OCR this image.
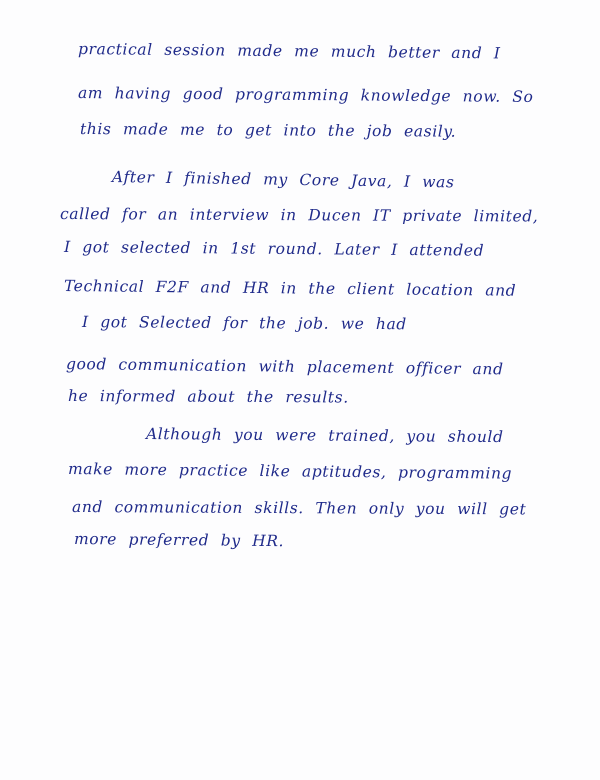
practical session made me much better and I
am having good programming knowledge now. So
this made me to get into the job easily.
After I finished my Core Java, I was
called for an interview in Ducen IT private limited,
I got selected in 1st round. Later I attended
Technical F2F and HR in the client location and
I got Selected for the job. we had
good communication with placement officer and
he informed about the results.
Although you were trained, you should
make more practice like aptitudes, programming
and communication skills. Then only you will get
more preferred by HR.
